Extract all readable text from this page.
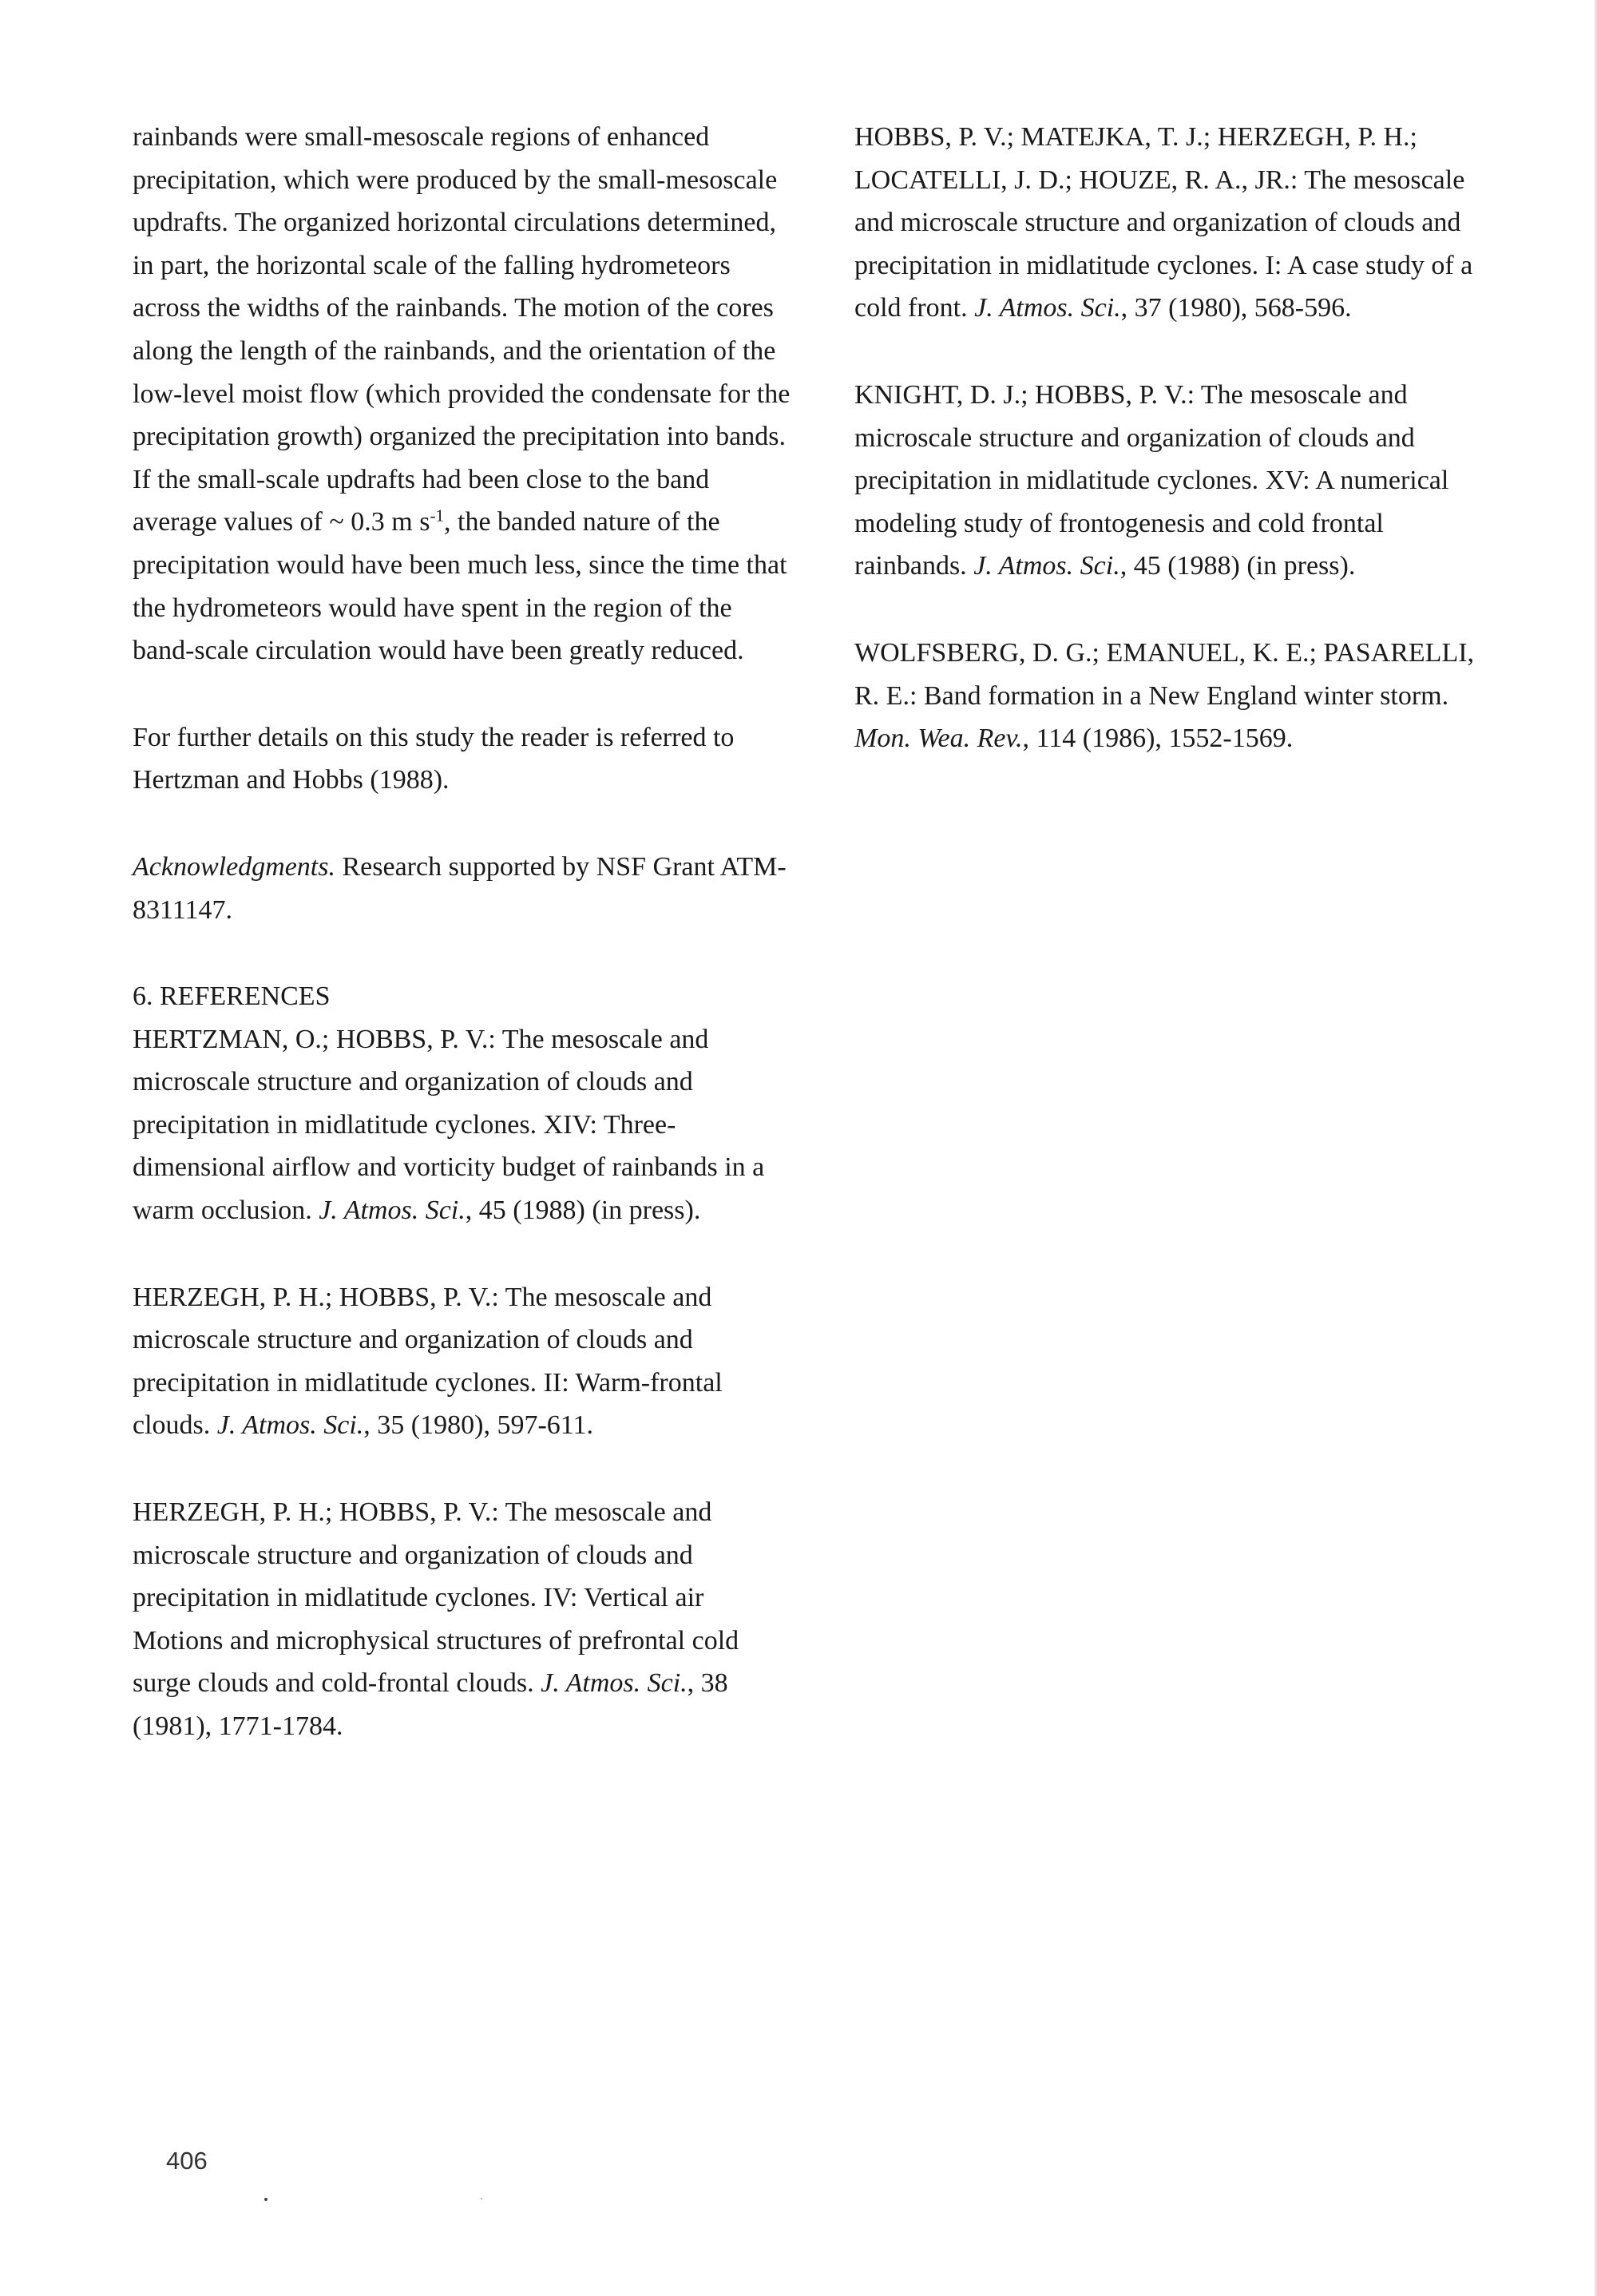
rainbands were small-mesoscale regions of enhanced precipitation, which were produced by the small-mesoscale updrafts. The organized horizontal circulations determined, in part, the horizontal scale of the falling hydrometeors across the widths of the rainbands. The motion of the cores along the length of the rainbands, and the orientation of the low-level moist flow (which provided the condensate for the precipitation growth) organized the precipitation into bands. If the small-scale updrafts had been close to the band average values of ~ 0.3 m $s^{-1}$, the banded nature of the precipitation would have been much less, since the time that the hydrometeors would have spent in the region of the band-scale circulation would have been greatly reduced.

For further details on this study the reader is referred to Hertzman and Hobbs (1988).

Acknowledgments. Research supported by NSF Grant ATM-8311147.

6. REFERENCES

HERTZMAN, O.; HOBBS, P. V.: The mesoscale and microscale structure and organization of clouds and precipitation in midlatitude cyclones. XIV: Three-dimensional airflow and vorticity budget of rainbands in a warm occlusion. J. Atmos. Sci., 45 (1988) (in press).

HERZEGH, P. H.; HOBBS, P. V.: The mesoscale and microscale structure and organization of clouds and precipitation in midlatitude cyclones. II: Warm-frontal clouds. J. Atmos. Sci., 35 (1980), 597-611.

HERZEGH, P. H.; HOBBS, P. V.: The mesoscale and microscale structure and organization of clouds and precipitation in midlatitude cyclones. IV: Vertical air Motions and microphysical structures of prefrontal cold surge clouds and cold-frontal clouds. J. Atmos. Sci., 38 (1981), 1771-1784.

HOBBS, P. V.; MATEJKA, T. J.; HERZEGH, P. H.; LOCATELLI, J. D.; HOUZE, R. A., JR.: The mesoscale and microscale structure and organization of clouds and precipitation in midlatitude cyclones. I: A case study of a cold front. J. Atmos. Sci., 37 (1980), 568-596.

KNIGHT, D. J.; HOBBS, P. V.: The mesoscale and microscale structure and organization of clouds and precipitation in midlatitude cyclones. XV: A numerical modeling study of frontogenesis and cold frontal rainbands. J. Atmos. Sci., 45 (1988) (in press).

WOLFSBERG, D. G.; EMANUEL, K. E.; PASARELLI, R. E.: Band formation in a New England winter storm. Mon. Wea. Rev., 114 (1986), 1552-1569.

406
